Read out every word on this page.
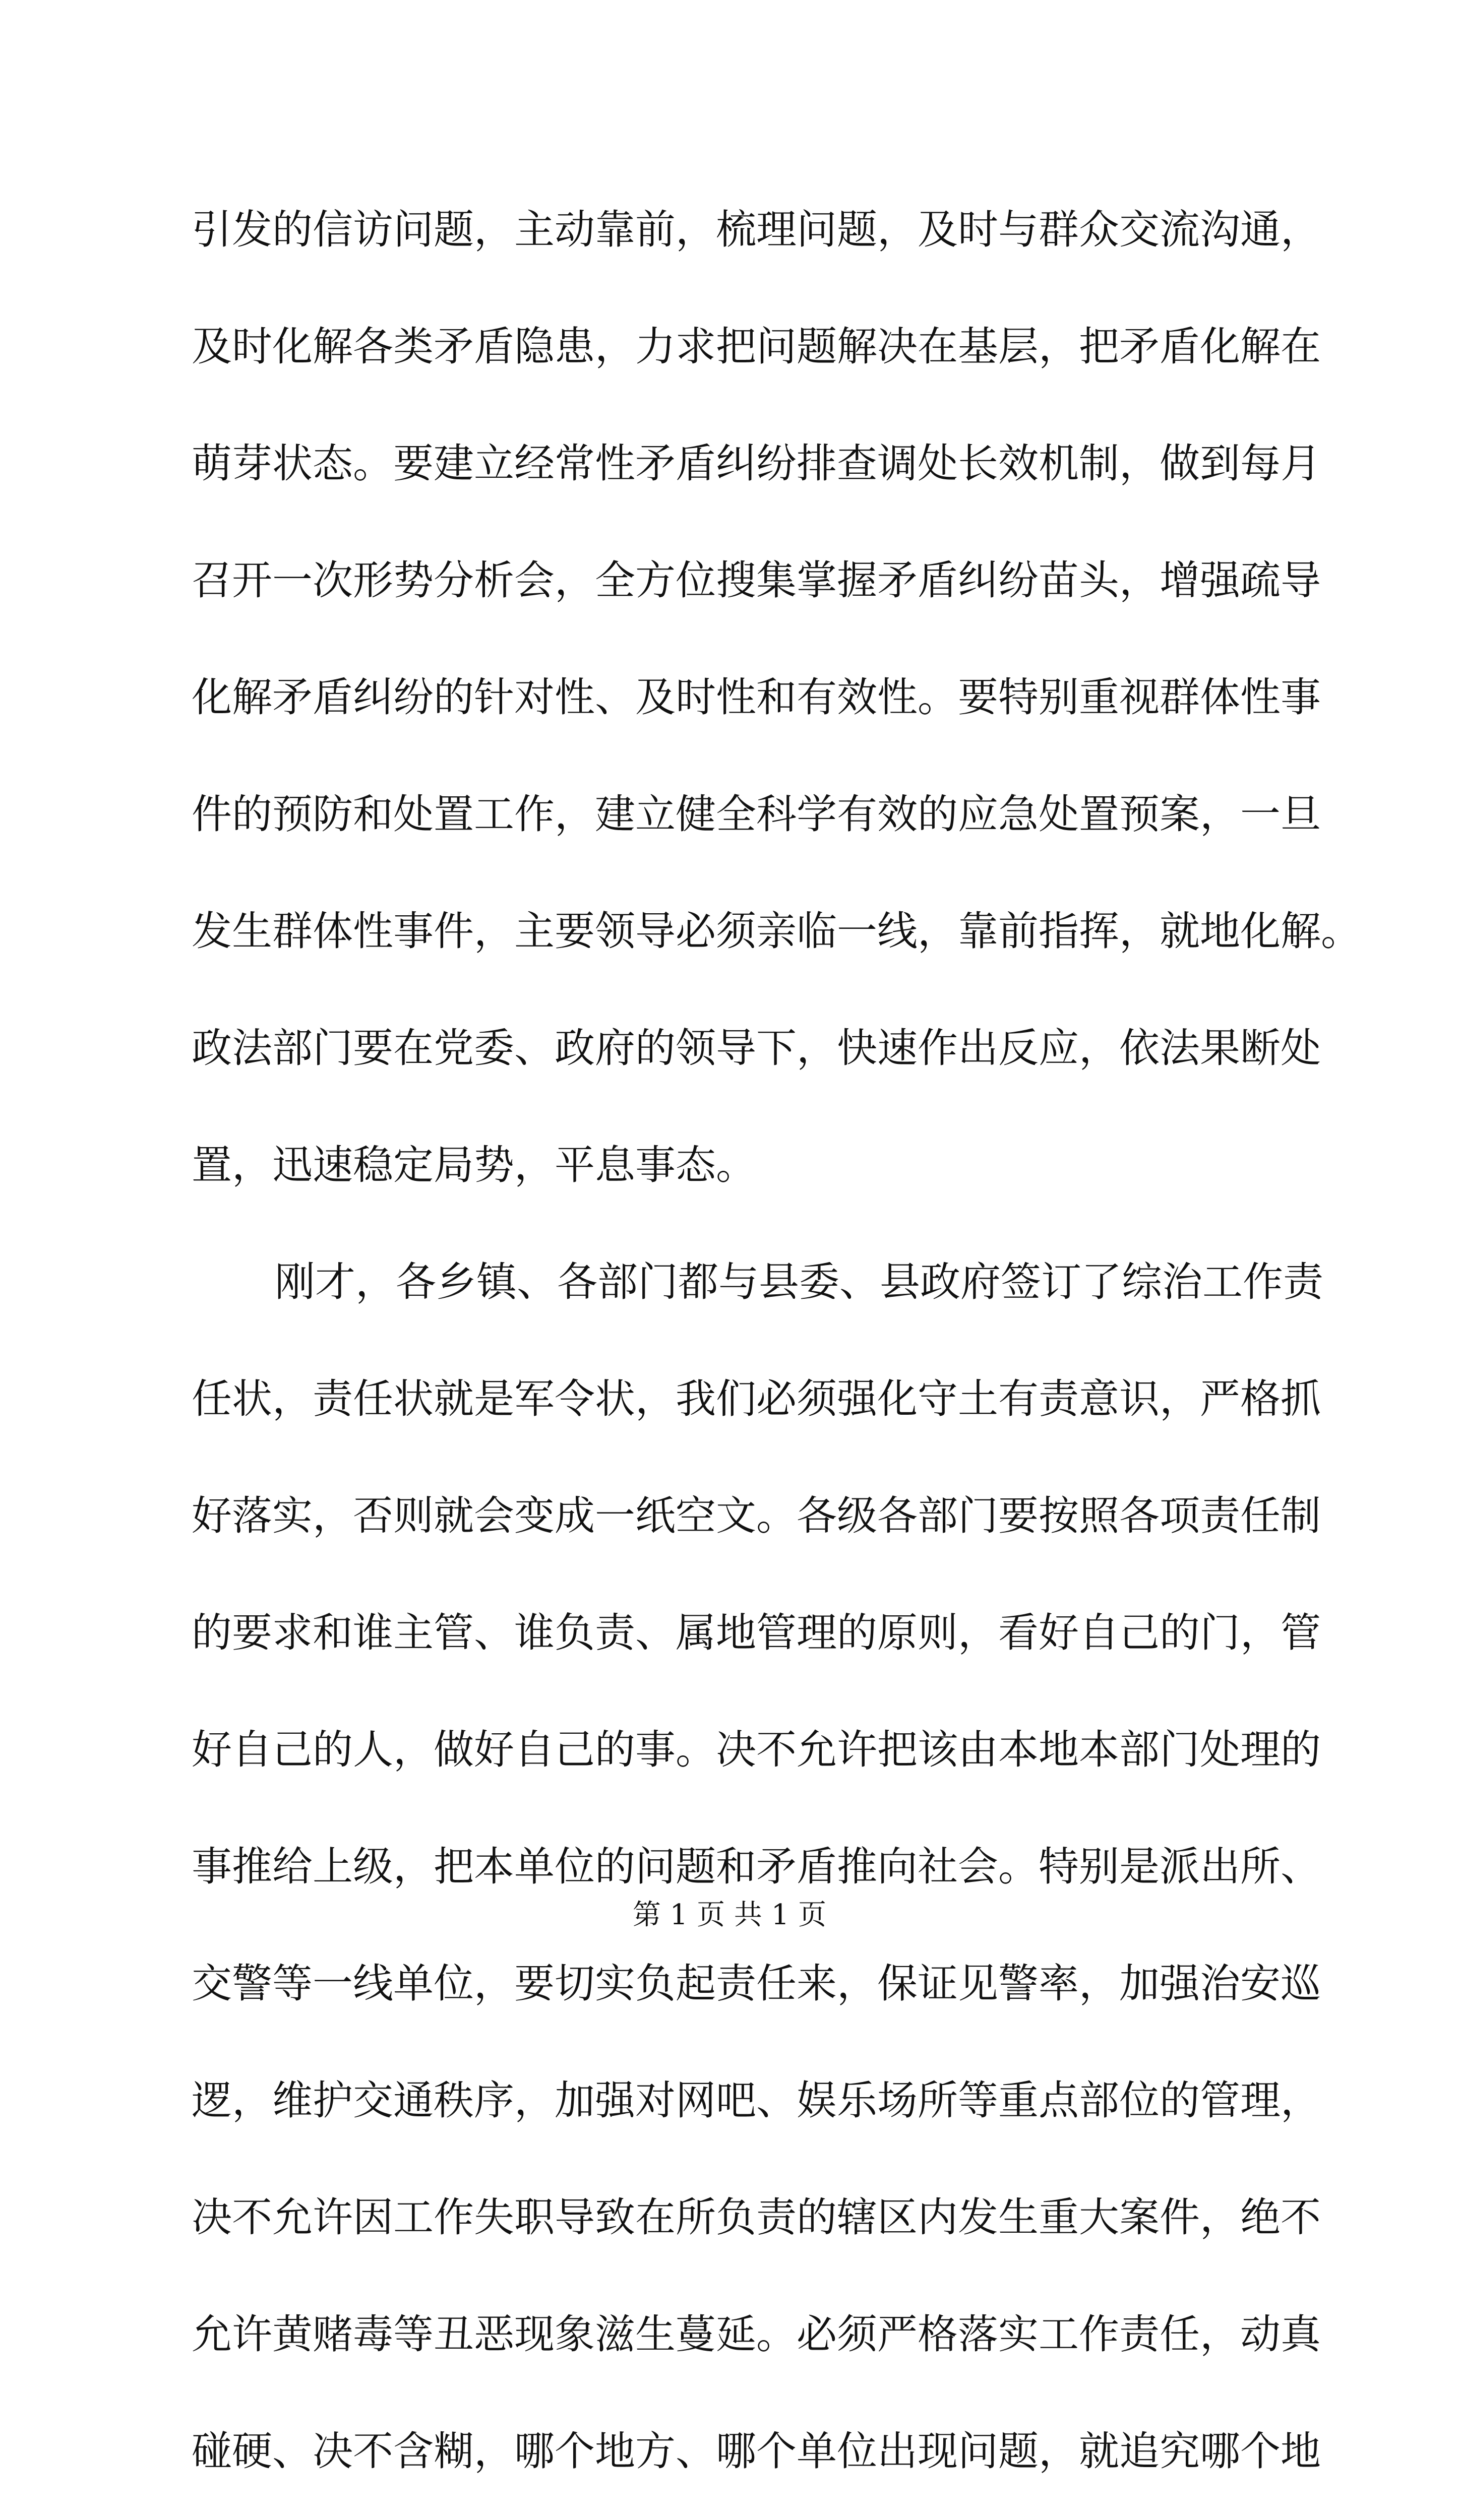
引发的信访问题，主动靠前，梳理问题，及时与群众交流沟通，
及时化解各类矛盾隐患，力求把问题解决在基层，把矛盾化解在
萌芽状态。要建立经常性矛盾纠纷排查调处长效机制，做到每月
召开一次形势分析会，全方位搜集掌握矛盾纠纷苗头，增强疏导
化解矛盾纠纷的针对性、及时性和有效性。要特别重视群体性事
件的预防和处置工作，建立健全科学有效的应急处置预案，一旦
发生群体性事件，主要领导必须亲临一线，靠前指挥，就地化解。
政法部门要在党委、政府的领导下，快速作出反应，依法果断处
置，迅速稳定局势，平息事态。
刚才，各乡镇、各部门都与县委、县政府签订了综治工作责
任状，责任状就是军令状，我们必须强化守土有责意识，严格抓
好落实，否则就会变成一纸空文。各级各部门要按照各项责任制
的要求和谁主管、谁负责、属地管理的原则，看好自己的门，管
好自己的人，做好自己的事。决不允许把该由本地本部门处理的
事推给上级，把本单位的问题和矛盾推向社会。特别是派出所、
交警等一线单位，要切实负起责任来，保证见警率，加强治安巡
逻，维护交通秩序，加强对网吧、娱乐场所等重点部位的管理，
决不允许因工作失职导致在所负责的辖区内发生重大案件，绝不
允许黄赌毒等丑恶现象滋生蔓延。必须严格落实工作责任，动真
碰硬、决不含糊，哪个地方、哪个单位出现问题，就追究哪个地
第 1 页 共 1 页
